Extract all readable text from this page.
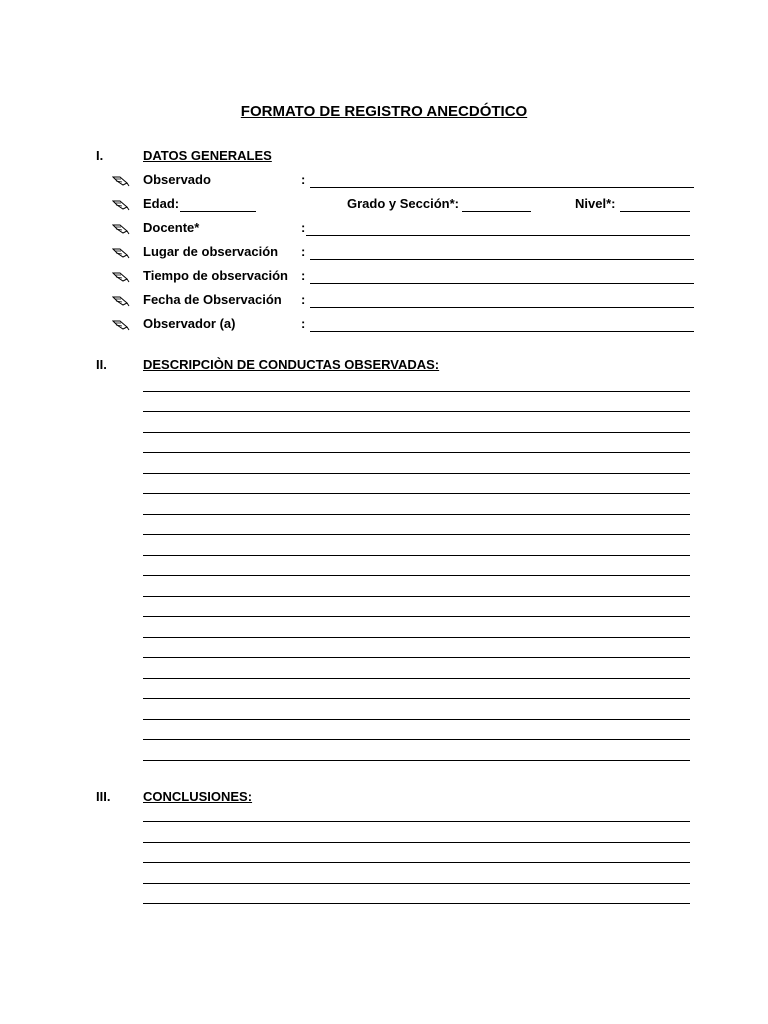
FORMATO DE REGISTRO ANECDÓTICO
I.	DATOS GENERALES
Observado	:
Edad:	Grado y Sección*:	Nivel*:
Docente*	:
Lugar de observación :
Tiempo de observación :
Fecha de Observación :
Observador (a)	:
II.	DESCRIPCIÒN DE CONDUCTAS OBSERVADAS:
III.	CONCLUSIONES:
